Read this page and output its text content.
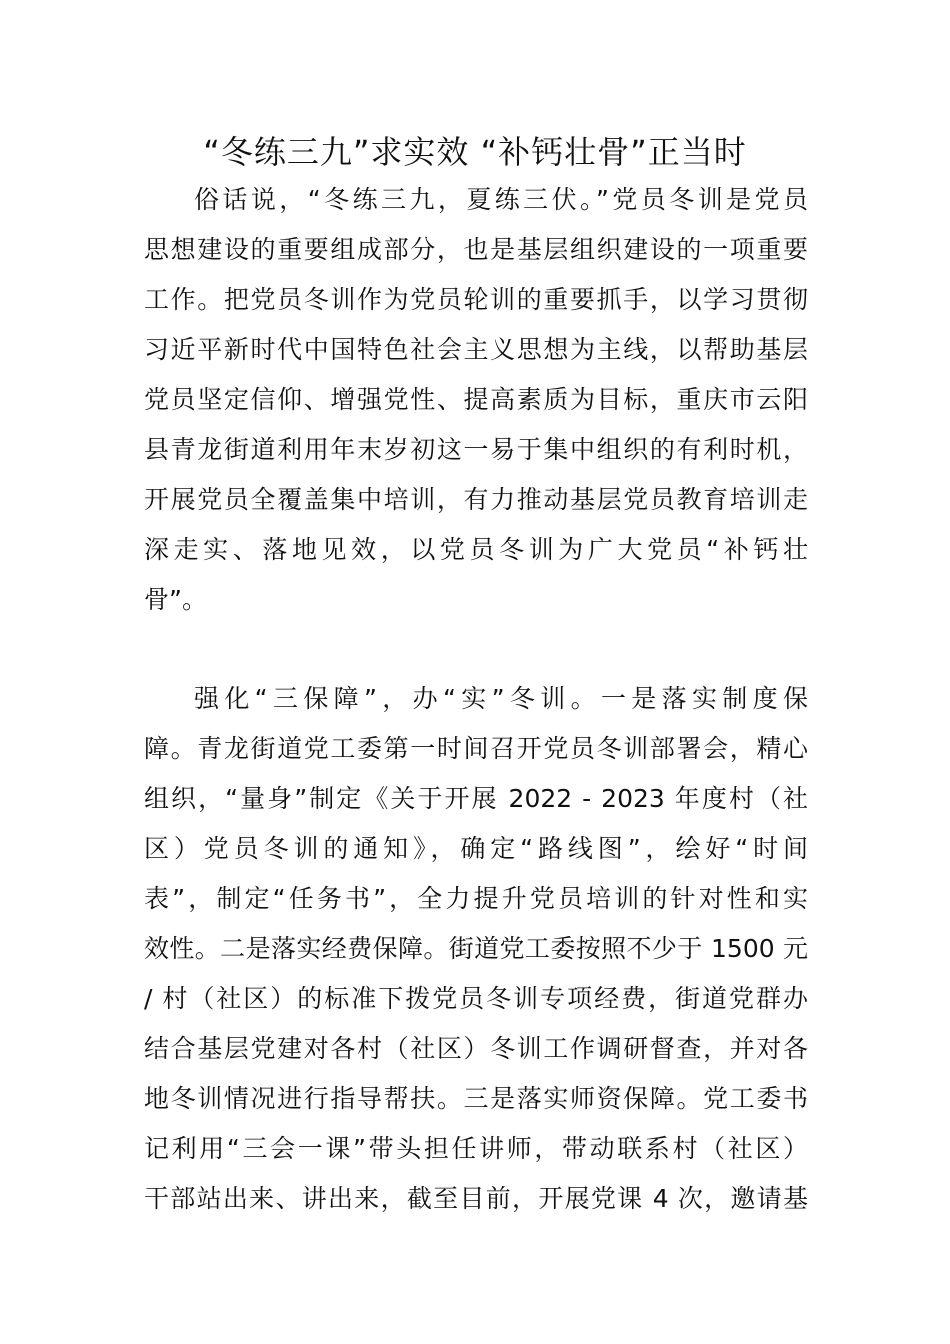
“冬练三九”求实效 “补钙壮骨”正当时
俗话说，“冬练三九，夏练三伏。”党员冬训是党员
思想建设的重要组成部分，也是基层组织建设的一项重要
工作。把党员冬训作为党员轮训的重要抓手，以学习贯彻
习近平新时代中国特色社会主义思想为主线，以帮助基层
党员坚定信仰、增强党性、提高素质为目标，重庆市云阳
县青龙街道利用年末岁初这一易于集中组织的有利时机，
开展党员全覆盖集中培训，有力推动基层党员教育培训走
深走实、落地见效，以党员冬训为广大党员“补钙壮
骨”。
强化“三保障”，办“实”冬训。一是落实制度保
障。青龙街道党工委第一时间召开党员冬训部署会，精心
组织，“量身”制定《关于开展 2022 - 2023 年度村（社
区）党员冬训的通知》，确定“路线图”，绘好“时间
表”，制定“任务书”，全力提升党员培训的针对性和实
效性。二是落实经费保障。街道党工委按照不少于 1500 元
/ 村（社区）的标准下拨党员冬训专项经费，街道党群办
结合基层党建对各村（社区）冬训工作调研督查，并对各
地冬训情况进行指导帮扶。三是落实师资保障。党工委书
记利用“三会一课”带头担任讲师，带动联系村（社区）
干部站出来、讲出来，截至目前，开展党课 4 次，邀请基
